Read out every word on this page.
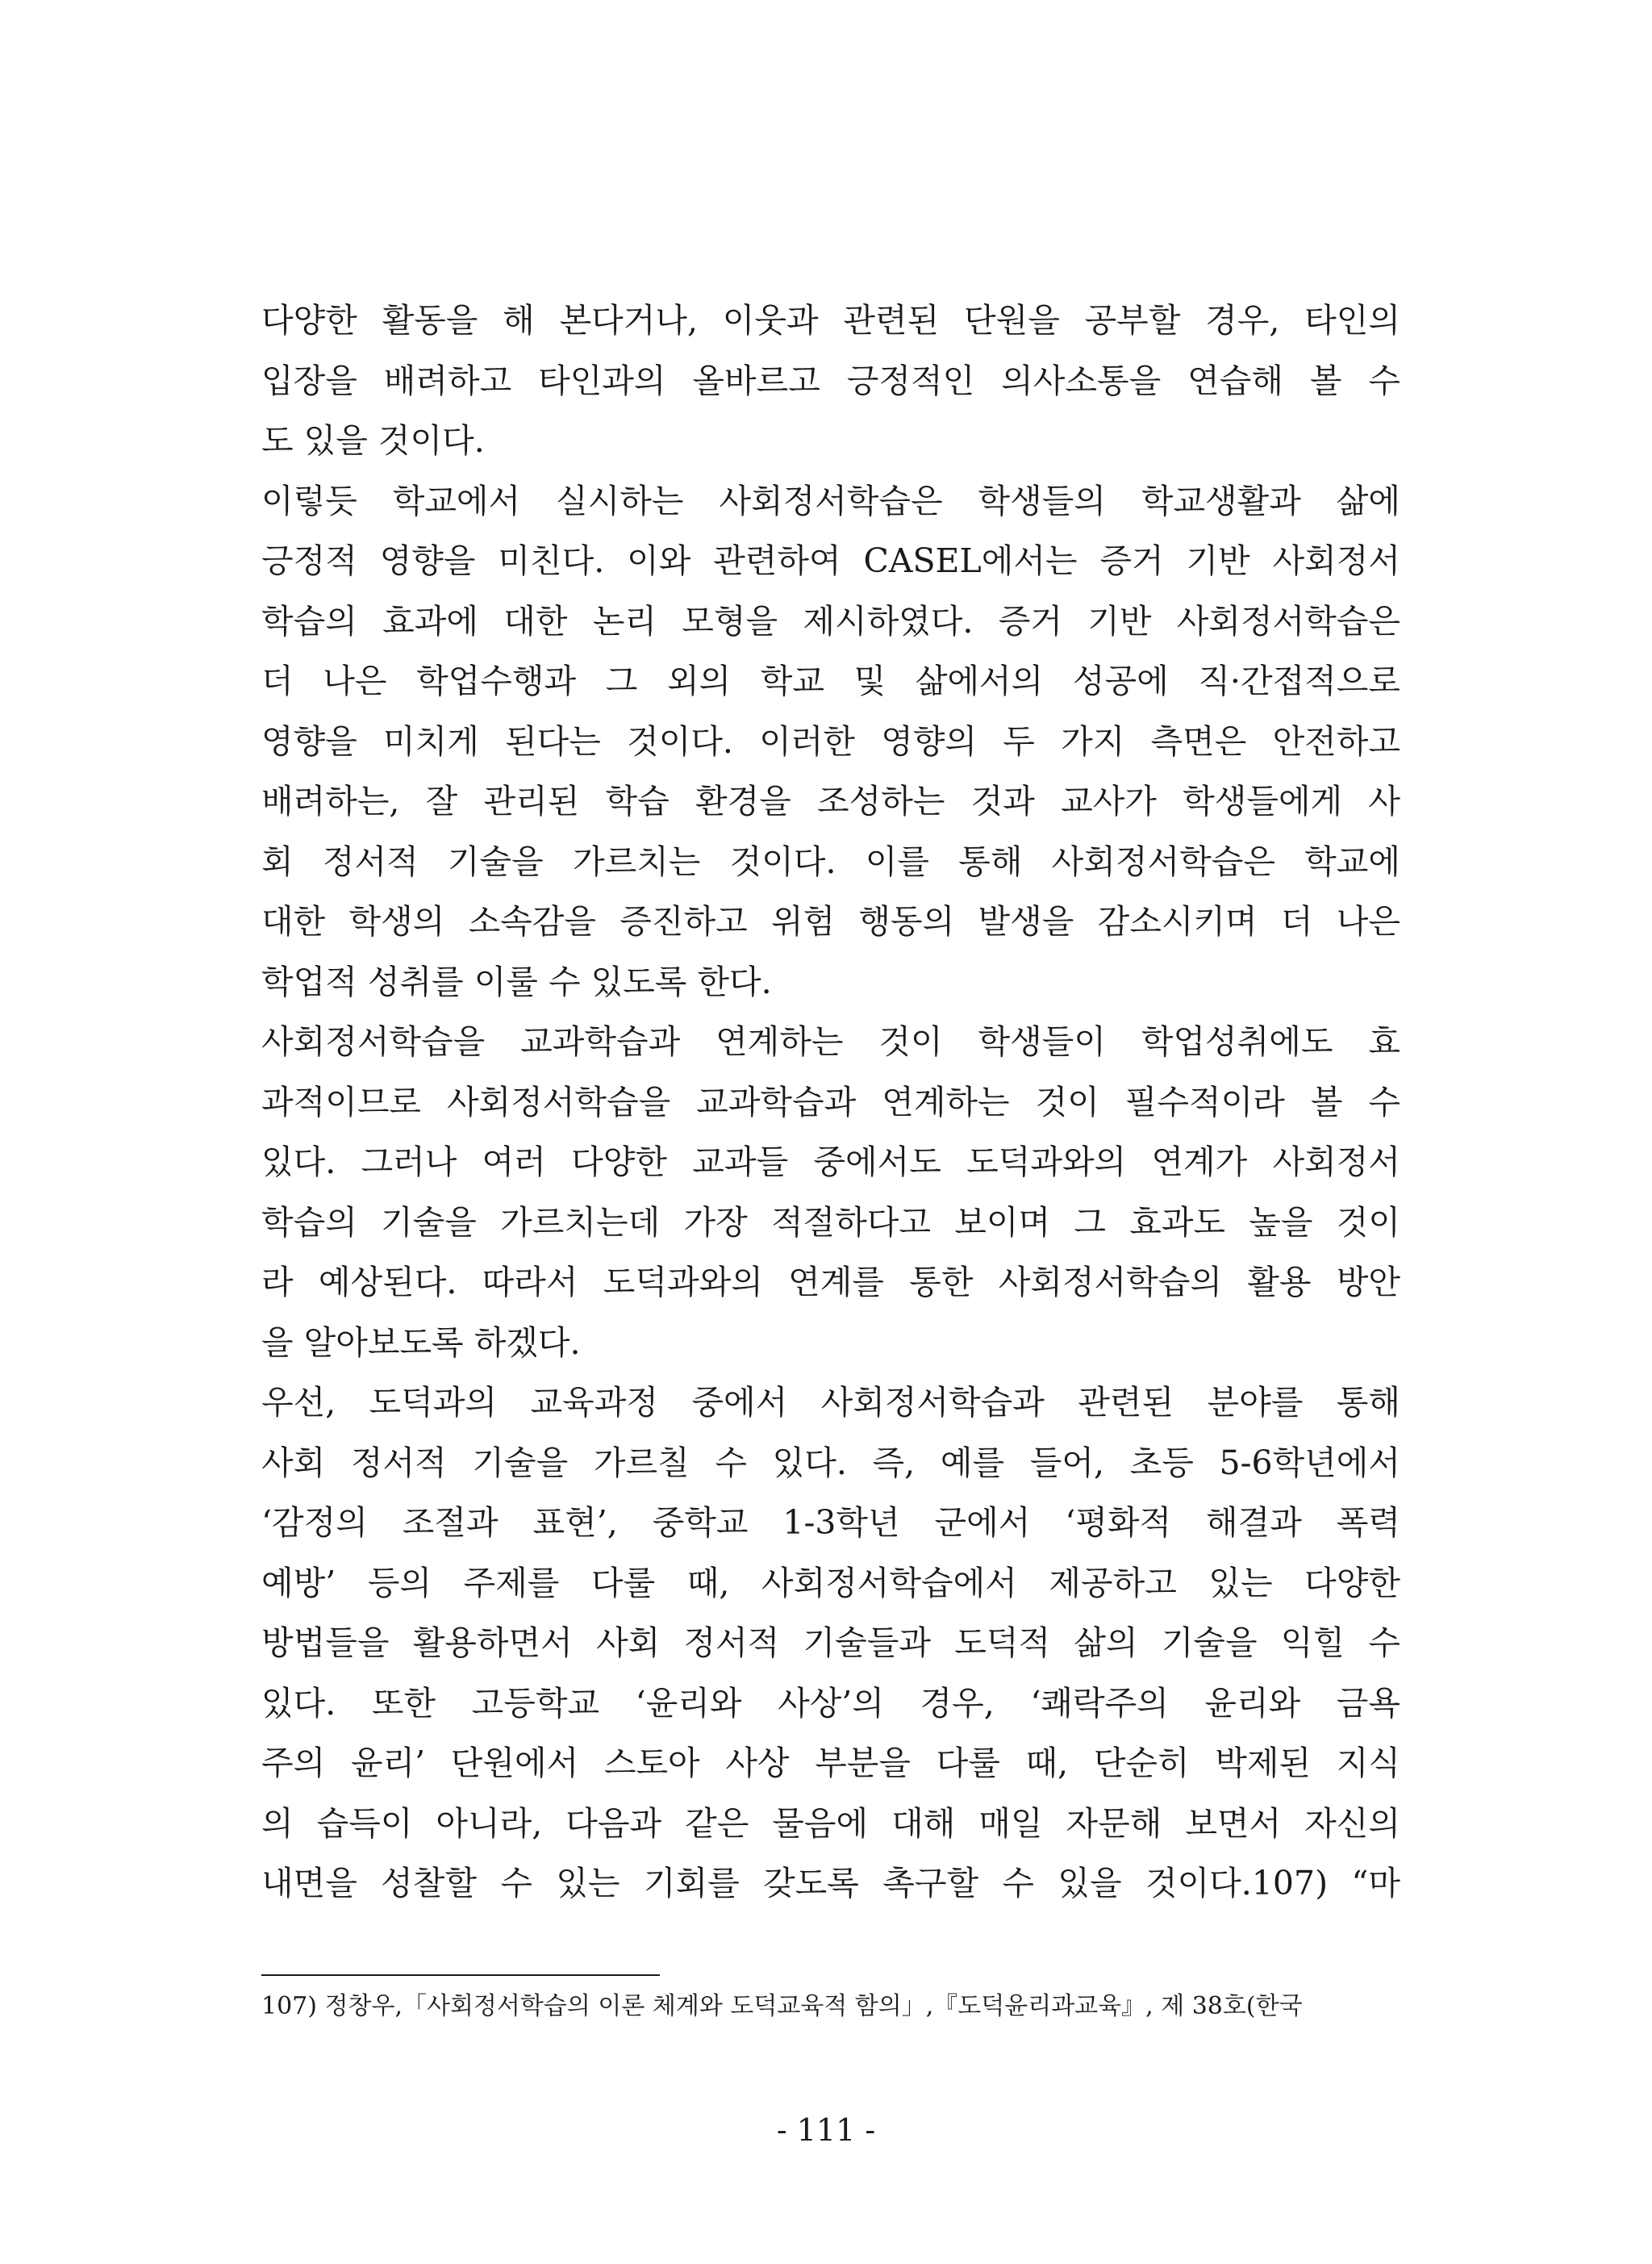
다양한 활동을 해 본다거나, 이웃과 관련된 단원을 공부할 경우, 타인의
입장을 배려하고 타인과의 올바르고 긍정적인 의사소통을 연습해 볼 수
도 있을 것이다.
이렇듯 학교에서 실시하는 사회정서학습은 학생들의 학교생활과 삶에
긍정적 영향을 미친다. 이와 관련하여 CASEL에서는 증거 기반 사회정서
학습의 효과에 대한 논리 모형을 제시하였다. 증거 기반 사회정서학습은
더 나은 학업수행과 그 외의 학교 및 삶에서의 성공에 직·간접적으로
영향을 미치게 된다는 것이다. 이러한 영향의 두 가지 측면은 안전하고
배려하는, 잘 관리된 학습 환경을 조성하는 것과 교사가 학생들에게 사
회 정서적 기술을 가르치는 것이다. 이를 통해 사회정서학습은 학교에
대한 학생의 소속감을 증진하고 위험 행동의 발생을 감소시키며 더 나은
학업적 성취를 이룰 수 있도록 한다.
사회정서학습을 교과학습과 연계하는 것이 학생들이 학업성취에도 효
과적이므로 사회정서학습을 교과학습과 연계하는 것이 필수적이라 볼 수
있다. 그러나 여러 다양한 교과들 중에서도 도덕과와의 연계가 사회정서
학습의 기술을 가르치는데 가장 적절하다고 보이며 그 효과도 높을 것이
라 예상된다. 따라서 도덕과와의 연계를 통한 사회정서학습의 활용 방안
을 알아보도록 하겠다.
우선, 도덕과의 교육과정 중에서 사회정서학습과 관련된 분야를 통해
사회 정서적 기술을 가르칠 수 있다. 즉, 예를 들어, 초등 5-6학년에서
‘감정의 조절과 표현’, 중학교 1-3학년 군에서 ‘평화적 해결과 폭력
예방’ 등의 주제를 다룰 때, 사회정서학습에서 제공하고 있는 다양한
방법들을 활용하면서 사회 정서적 기술들과 도덕적 삶의 기술을 익힐 수
있다. 또한 고등학교 ‘윤리와 사상’의 경우, ‘쾌락주의 윤리와 금욕
주의 윤리’ 단원에서 스토아 사상 부분을 다룰 때, 단순히 박제된 지식
의 습득이 아니라, 다음과 같은 물음에 대해 매일 자문해 보면서 자신의
내면을 성찰할 수 있는 기회를 갖도록 촉구할 수 있을 것이다.107) “마
107) 정창우,「사회정서학습의 이론 체계와 도덕교육적 함의」,『도덕윤리과교육』, 제 38호(한국
- 111 -
